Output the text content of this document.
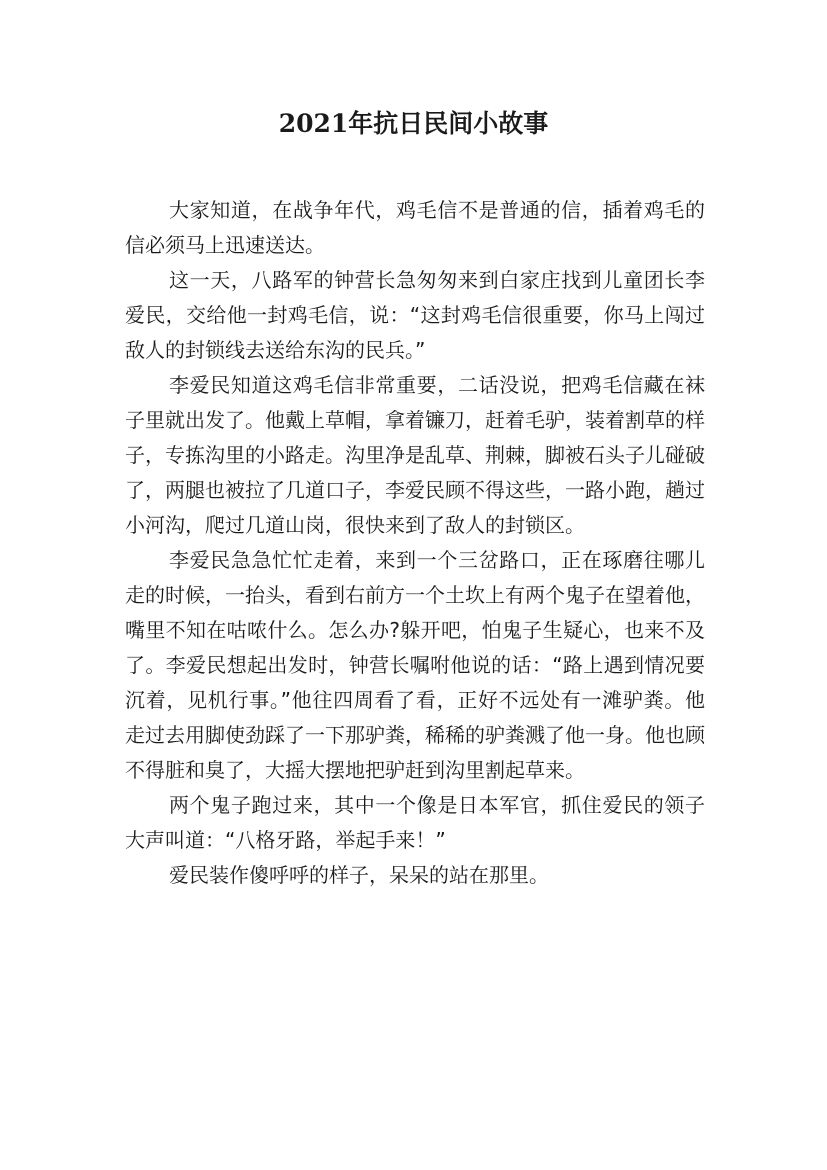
2021年抗日民间小故事

大家知道，在战争年代，鸡毛信不是普通的信，插着鸡毛的信必须马上迅速送达。

这一天，八路军的钟营长急匆匆来到白家庄找到儿童团长李爱民，交给他一封鸡毛信，说：“这封鸡毛信很重要，你马上闯过敌人的封锁线去送给东沟的民兵。”

李爱民知道这鸡毛信非常重要，二话没说，把鸡毛信藏在袜子里就出发了。他戴上草帽，拿着镰刀，赶着毛驴，装着割草的样子，专拣沟里的小路走。沟里净是乱草、荆棘，脚被石头子儿碰破了，两腿也被拉了几道口子，李爱民顾不得这些，一路小跑，趟过小河沟，爬过几道山岗，很快来到了敌人的封锁区。

李爱民急急忙忙走着，来到一个三岔路口，正在琢磨往哪儿走的时候，一抬头，看到右前方一个土坎上有两个鬼子在望着他，嘴里不知在咕哝什么。怎么办?躲开吧，怕鬼子生疑心，也来不及了。李爱民想起出发时，钟营长嘱咐他说的话：“路上遇到情况要沉着，见机行事。”他往四周看了看，正好不远处有一滩驴粪。他走过去用脚使劲踩了一下那驴粪，稀稀的驴粪溅了他一身。他也顾不得脏和臭了，大摇大摆地把驴赶到沟里割起草来。

两个鬼子跑过来，其中一个像是日本军官，抓住爱民的领子大声叫道：“八格牙路，举起手来！”

爱民装作傻呼呼的样子，呆呆的站在那里。
